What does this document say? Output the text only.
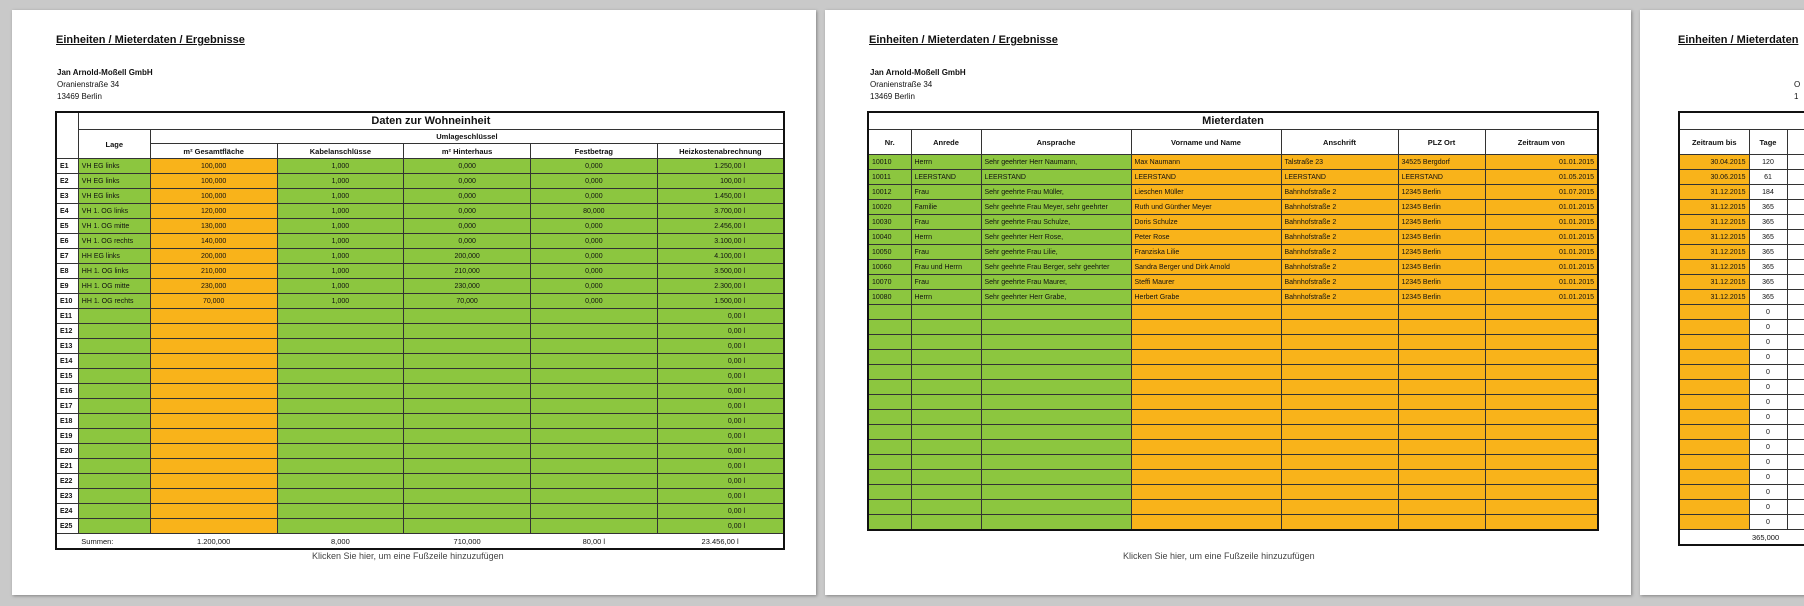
Einheiten / Mieterdaten / Ergebnisse
Jan Arnold-Moßell GmbH
Oranienstraße 34
13469 Berlin
	Daten zur Wohneinheit					
	Lage	Umlageschlüssel				
		m² Gesamtfläche	Kabelanschlüsse	m² Hinterhaus	Festbetrag	Heizkostenabrechnung
E1	VH EG links	100,000	1,000	0,000	0,000	1.250,00 l
E2	VH EG links	100,000	1,000	0,000	0,000	100,00 l
E3	VH EG links	100,000	1,000	0,000	0,000	1.450,00 l
E4	VH 1. OG links	120,000	1,000	0,000	80,000	3.700,00 l
E5	VH 1. OG mitte	130,000	1,000	0,000	0,000	2.456,00 l
E6	VH 1. OG rechts	140,000	1,000	0,000	0,000	3.100,00 l
E7	HH EG links	200,000	1,000	200,000	0,000	4.100,00 l
E8	HH 1. OG links	210,000	1,000	210,000	0,000	3.500,00 l
E9	HH 1. OG mitte	230,000	1,000	230,000	0,000	2.300,00 l
E10	HH 1. OG rechts	70,000	1,000	70,000	0,000	1.500,00 l
E11						0,00 l
E12						0,00 l
E13						0,00 l
E14						0,00 l
E15						0,00 l
E16						0,00 l
E17						0,00 l
E18						0,00 l
E19						0,00 l
E20						0,00 l
E21						0,00 l
E22						0,00 l
E23						0,00 l
E24						0,00 l
E25						0,00 l
	Summen:	1.200,000	8,000	710,000	80,00 l	23.456,00 l

Klicken Sie hier, um eine Fußzeile hinzuzufügen
Einheiten / Mieterdaten / Ergebnisse
Jan Arnold-Moßell GmbH
Oranienstraße 34
13469 Berlin
Mieterdaten						
Nr.	Anrede	Ansprache	Vorname und Name	Anschrift	PLZ Ort	Zeitraum von
10010	Herrn	Sehr geehrter Herr Naumann,	Max Naumann	Talstraße 23	34525 Bergdorf	01.01.2015
10011	LEERSTAND	LEERSTAND	LEERSTAND	LEERSTAND	LEERSTAND	01.05.2015
10012	Frau	Sehr geehrte Frau Müller,	Lieschen Müller	Bahnhofstraße 2	12345 Berlin	01.07.2015
10020	Familie	Sehr geehrte Frau Meyer, sehr geehrter	Ruth und Günther Meyer	Bahnhofstraße 2	12345 Berlin	01.01.2015
10030	Frau	Sehr geehrte Frau Schulze,	Doris Schulze	Bahnhofstraße 2	12345 Berlin	01.01.2015
10040	Herrn	Sehr geehrter Herr Rose,	Peter Rose	Bahnhofstraße 2	12345 Berlin	01.01.2015
10050	Frau	Sehr geehrte Frau Lilie,	Franziska Lilie	Bahnhofstraße 2	12345 Berlin	01.01.2015
10060	Frau und Herrn	Sehr geehrte Frau Berger, sehr geehrter	Sandra Berger und Dirk Arnold	Bahnhofstraße 2	12345 Berlin	01.01.2015
10070	Frau	Sehr geehrte Frau Maurer,	Steffi Maurer	Bahnhofstraße 2	12345 Berlin	01.01.2015
10080	Herrn	Sehr geehrter Herr Grabe,	Herbert Grabe	Bahnhofstraße 2	12345 Berlin	01.01.2015

Klicken Sie hier, um eine Fußzeile hinzuzufügen
Einheiten / Mieterdaten

O
1

Zeitraum bis	Tage	
30.04.2015	120	
30.06.2015	61	
31.12.2015	184	
31.12.2015	365	
31.12.2015	365	
31.12.2015	365	
31.12.2015	365	
31.12.2015	365	
31.12.2015	365	
31.12.2015	365	
	0	
	0	
	0	
	0	
	0	
	0	
	0	
	0	
	0	
	0	
	0	
	0	
	0	
	0	
	0	
	365,000	
